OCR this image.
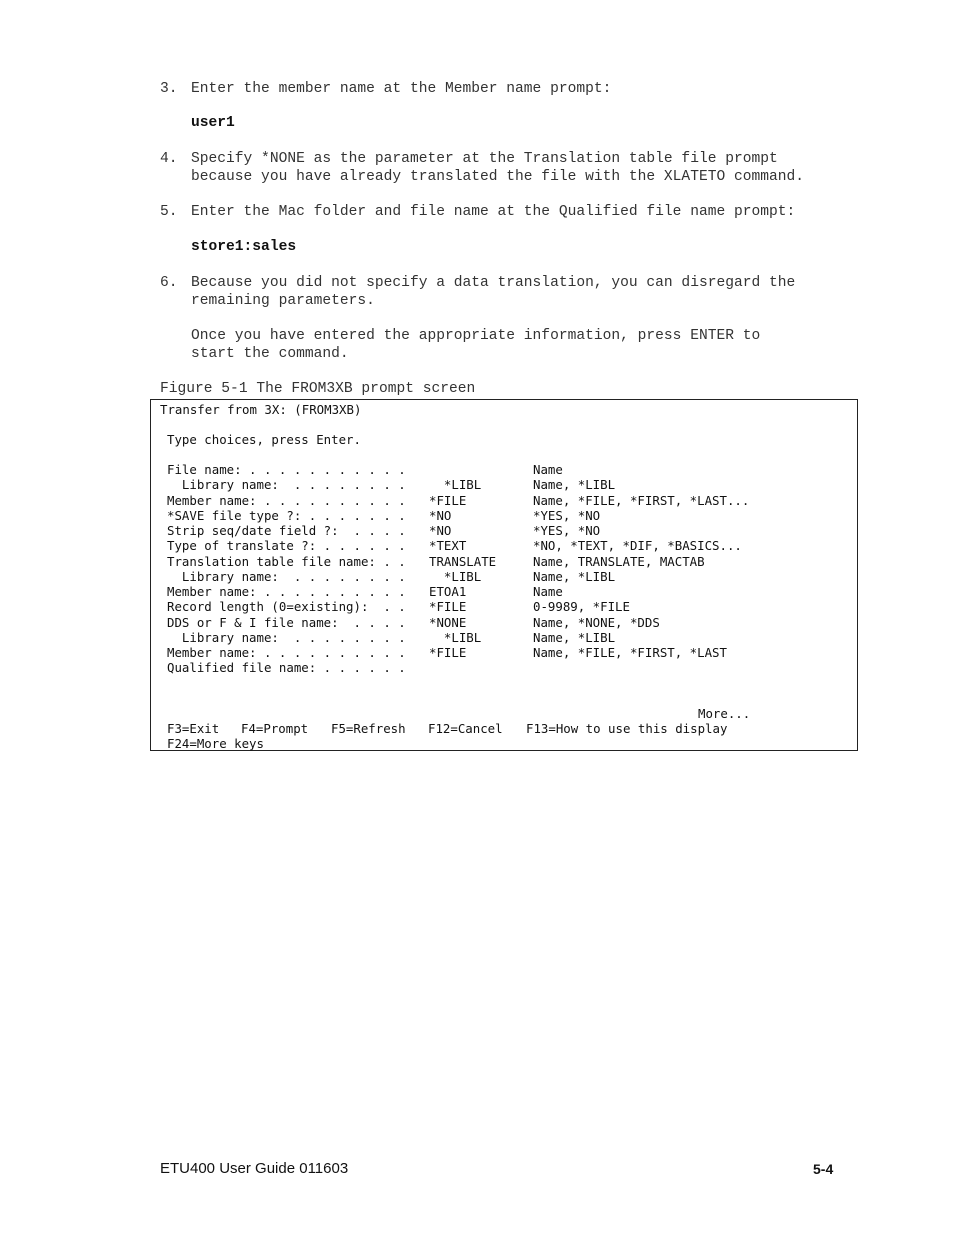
3.

Enter the member name at the Member name prompt:

user1

4.

Specify *NONE as the parameter at the Translation table file prompt

because you have already translated the file with the XLATETO command.

5.

Enter the Mac folder and file name at the Qualified file name prompt:

store1:sales

6.

Because you did not specify a data translation, you can disregard the

remaining parameters.

Once you have entered the appropriate information, press ENTER to

start the command.

Figure 5-1 The FROM3XB prompt screen
Transfer from 3X: (FROM3XB)
Type choices, press Enter.
File name: . . . . . . . . . . .	Name
Library name:  . . . . . . . . *LIBL	Name, *LIBL
Member name: . . . . . . . . . . *FILE	Name, *FILE, *FIRST, *LAST...
*SAVE file type ?: . . . . . . . *NO	*YES, *NO
Strip seq/date field ?:  . . . . *NO	*YES, *NO
Type of translate ?: . . . . . . *TEXT	*NO, *TEXT, *DIF, *BASICS...
Translation table file name: . . TRANSLATE	Name, TRANSLATE, MACTAB
Library name:  . . . . . . . . *LIBL	Name, *LIBL
Member name: . . . . . . . . . . ETOA1	Name
Record length (0=existing):  . . *FILE	0-9989, *FILE
DDS or F & I file name:  . . . . *NONE	Name, *NONE, *DDS
Library name:  . . . . . . . . *LIBL	Name, *LIBL
Member name: . . . . . . . . . . *FILE	Name, *FILE, *FIRST, *LAST
Qualified file name: . . . . . .
More...
F3=Exit F4=Prompt F5=Refresh F12=Cancel F13=How to use this display
F24=More keys
ETU400 User Guide 011603	5-4
